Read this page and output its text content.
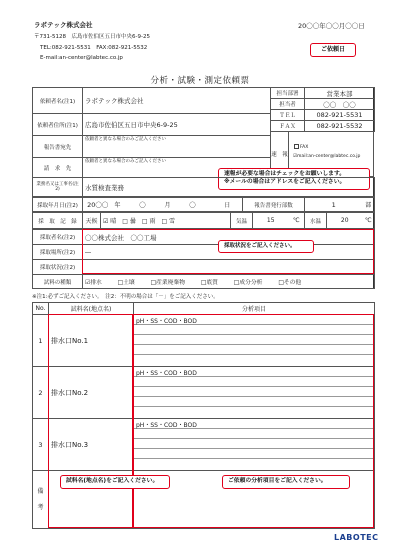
ラボテック株式会社
〒731-5128　広島市佐伯区五日市中央6-9-25
TEL:082-921-5531　FAX:082-921-5532
E-mail:an-center@labtec.co.jp
20〇〇年〇〇月〇〇日
ご依頼日
分析・試験・測定依頼票
依頼者名(注1)	ラボテック株式会社
依頼者住所(注1)	広島市佐伯区五日市中央6-9-25
報告書宛先	依頼者と異なる場合のみご記入ください
請　求　先	依頼者と異なる場合のみご記入ください
担当部署	営業本部
担当者	〇〇　〇〇
ＴＥＬ	082-921-5531
ＦＡＸ	082-921-5532
速　報
FAX
☑mail:an-center@labtec.co.jp
速報が必要な場合はチェックをお願いします。
※メールの場合はアドレスをご記入ください。
業務名又は工事名(注2)	水質検査業務
採取年月日(注2)	20〇〇	年	〇	月	〇	日	報告書発行部数	1	部
採　取　記　録	天候	☑ 晴　□ 曇　□ 雨　□ 雪	気温	15	℃	水温	20	℃
採取者名(注2)	〇〇株式会社　〇〇工場
採取場所(注2)	―
採取状況(注2)	
採取状況をご記入ください。
試料の種類	☑排水	□土壌	□産業廃棄物	□底質	□成分分析	□その他
※注1:必ずご記入ください。　注2：不明の場合は「－」をご記入ください。
No.	試料名(地点名)	分析項目
1	排水口No.1	pH・SS・COD・BOD

2	排水口No.2	pH・SS・COD・BOD

3	排水口No.3	pH・SS・COD・BOD

備
考		

試料名(地点名)をご記入ください。	ご依頼の分析項目をご記入ください。
LABOTEC
